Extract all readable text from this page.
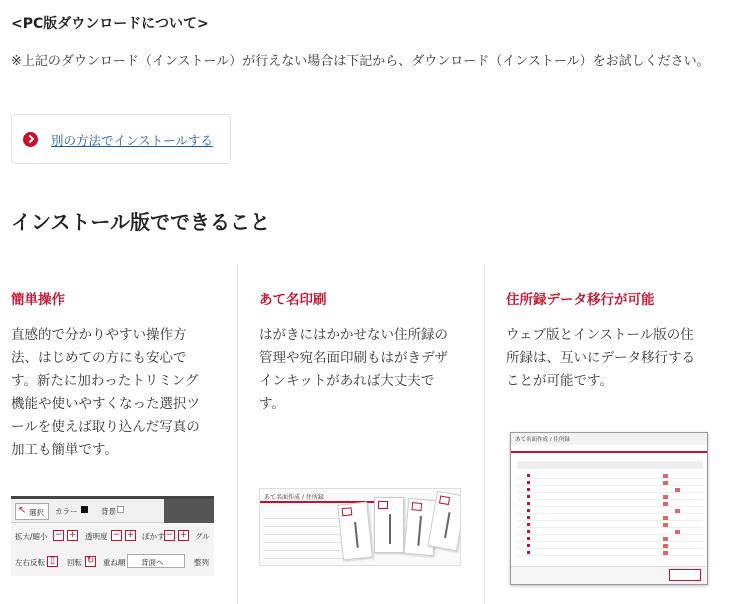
<PC版ダウンロードについて>

※上記のダウンロード（インストール）が行えない場合は下記から、ダウンロード（インストール）をお試しください。

別の方法でインストールする
インストール版でできること
簡単操作

直感的で分かりやすい操作方法、はじめての方にも安心です。新たに加わったトリミング機能や使いやすくなった選択ツールを使えば取り込んだ写真の加工も簡単です。

↖ 選択 カラー	背景
拡大/縮小 − + 透明度 − + ぼかす − + グル
左右反転 ▯	回転 ↻ 重ね順 背面へ	整列
あて名印刷

はがきにはかかせない住所録の管理や宛名面印刷もはがきデザインキットがあれば大丈夫です。

あて名面作成 / 住所録
住所録データ移行が可能

ウェブ版とインストール版の住所録は、互いにデータ移行することが可能です。

あて名面作成 / 住所録
